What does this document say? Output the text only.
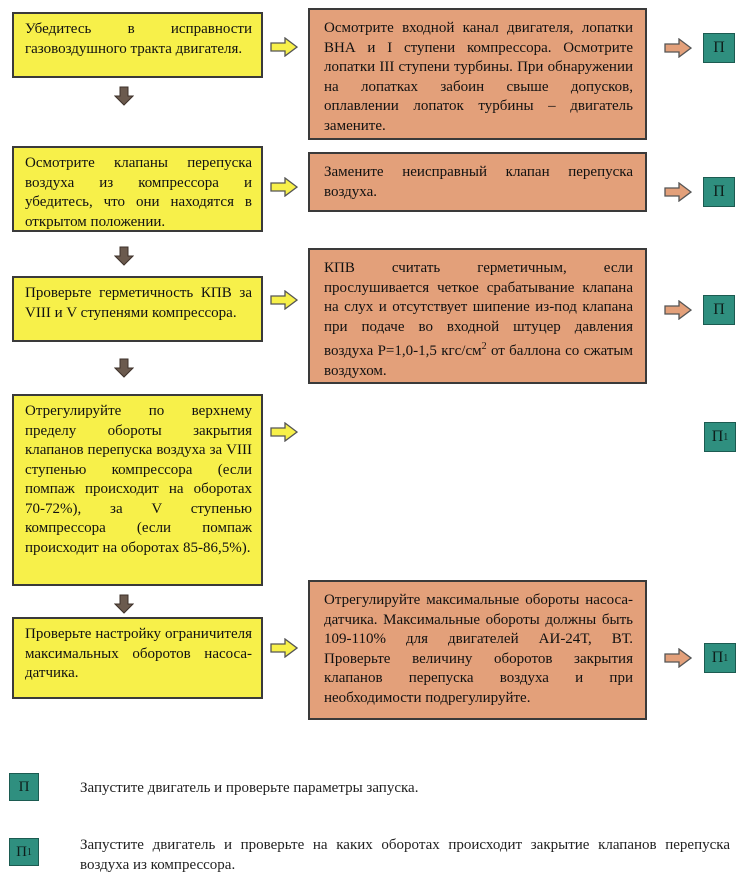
Убедитесь в исправности газовоздушного тракта двигателя.
Осмотрите входной канал двигателя, лопатки ВНА и I ступени компрессора. Осмотрите лопатки III ступени турбины. При обнаружении на лопатках забоин свыше допусков, оплавлении лопаток турбины – двигатель замените.
П
Осмотрите клапаны перепуска воздуха из компрессора и убедитесь, что они находятся в открытом положении.
Замените неисправный клапан перепуска воздуха.	П
Проверьте герметичность КПВ за VIII и V ступенями компрессора.
КПВ считать герметичным, если прослушивается четкое срабатывание клапана на слух и отсутствует шипение из-под клапана при подаче во входной штуцер давления воздуха Р=1,0-1,5 кгс/$см^2$ от баллона со сжатым воздухом.
П
Отрегулируйте по верхнему пределу обороты закрытия клапанов перепуска воздуха за VIII ступенью компрессора (если помпаж происходит на оборотах 70-72%), за V ступенью компрессора (если помпаж происходит на оборотах 85-86,5%).
П 1
Проверьте настройку ограничителя максимальных оборотов насоса-датчика.
Отрегулируйте максимальные обороты насоса-датчика. Максимальные обороты должны быть 109-110% для двигателей АИ-24Т, ВТ. Проверьте величину оборотов закрытия клапанов перепуска воздуха и при необходимости подрегулируйте.
П 1
П	Запустите двигатель и проверьте параметры запуска.
П 1	Запустите двигатель и проверьте на каких оборотах происходит закрытие клапанов перепуска воздуха из компрессора.
